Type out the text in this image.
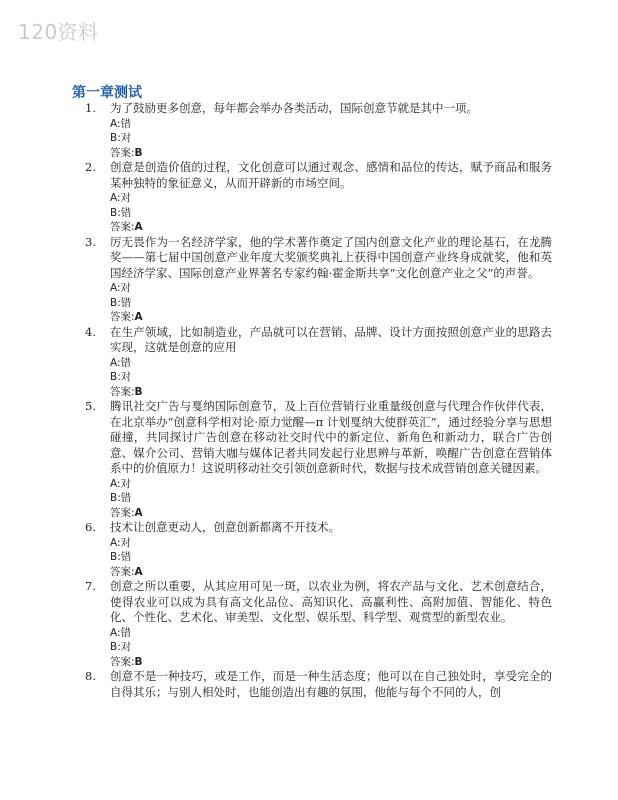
120资料
第一章测试
1. 为了鼓励更多创意，每年都会举办各类活动，国际创意节就是其中一项。
A:错
B:对
答案:B
2. 创意是创造价值的过程，文化创意可以通过观念、感情和品位的传达，赋予商品和服务某种独特的象征意义，从而开辟新的市场空间。
A:对
B:错
答案:A
3. 厉无畏作为一名经济学家，他的学术著作奠定了国内创意文化产业的理论基石，在龙腾奖——第七届中国创意产业年度大奖颁奖典礼上获得中国创意产业终身成就奖，他和英国经济学家、国际创意产业界著名专家约翰·霍金斯共享“文化创意产业之父”的声誉。
A:对
B:错
答案:A
4. 在生产领域，比如制造业，产品就可以在营销、品牌、设计方面按照创意产业的思路去实现，这就是创意的应用
A:错
B:对
答案:B
5. 腾讯社交广告与戛纳国际创意节，及上百位营销行业重量级创意与代理合作伙伴代表，在北京举办“创意科学相对论·原力觉醒—π 计划戛纳大使群英汇”，通过经验分享与思想碰撞，共同探讨广告创意在移动社交时代中的新定位、新角色和新动力，联合广告创意、媒介公司、营销大咖与媒体记者共同发起行业思辨与革新，唤醒广告创意在营销体系中的价值原力！这说明移动社交引领创意新时代，数据与技术成营销创意关键因素。
A:对
B:错
答案:A
6. 技术让创意更动人，创意创新都离不开技术。
A:对
B:错
答案:A
7. 创意之所以重要，从其应用可见一斑，以农业为例，将农产品与文化、艺术创意结合，使得农业可以成为具有高文化品位、高知识化、高赢利性、高附加值、智能化、特色化、个性化、艺术化、审美型、文化型、娱乐型、科学型、观赏型的新型农业。
A:错
B:对
答案:B
8. 创意不是一种技巧，或是工作，而是一种生活态度；他可以在自己独处时，享受完全的自得其乐；与别人相处时，也能创造出有趣的氛围，他能与每个不同的人，创
